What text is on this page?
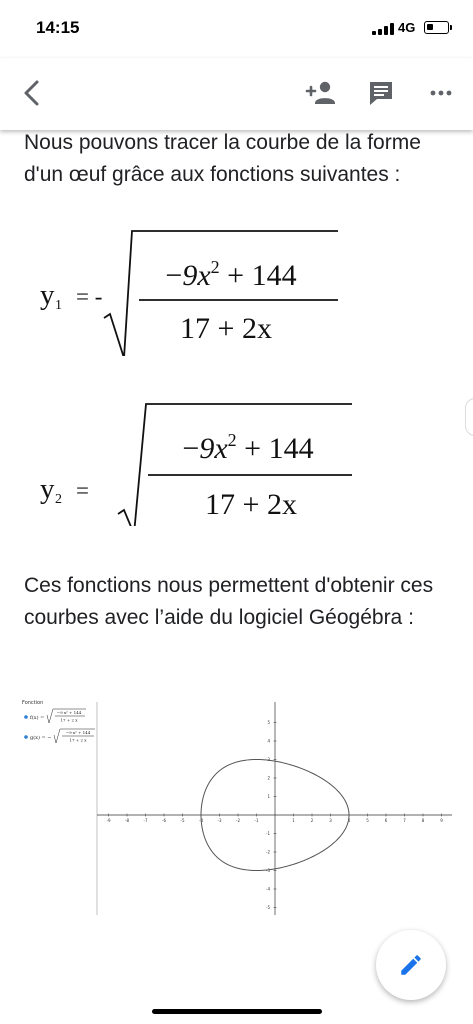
14:15	4G

Nous pouvons tracer la courbe de la forme d'un œuf grâce aux fonctions suivantes :

y 1 = -
$-9x^2 + 144$
17 + 2x
y 2 =
$-9x^2 + 144$
17 + 2x

Ces fonctions nous permettent d'obtenir ces courbes avec l’aide du logiciel Géogébra :

Fonction
f(x) =
−9 x² + 144
17 + 2 x
g(x) = −
−9 x² + 144
17 + 2 x
-9	-8	-7	-6	-5	-4	-3	-2	-1	1	2	3	4	5	6	7	8	9
5
4
3
2
1
-1
-2
-3
-4
-5
